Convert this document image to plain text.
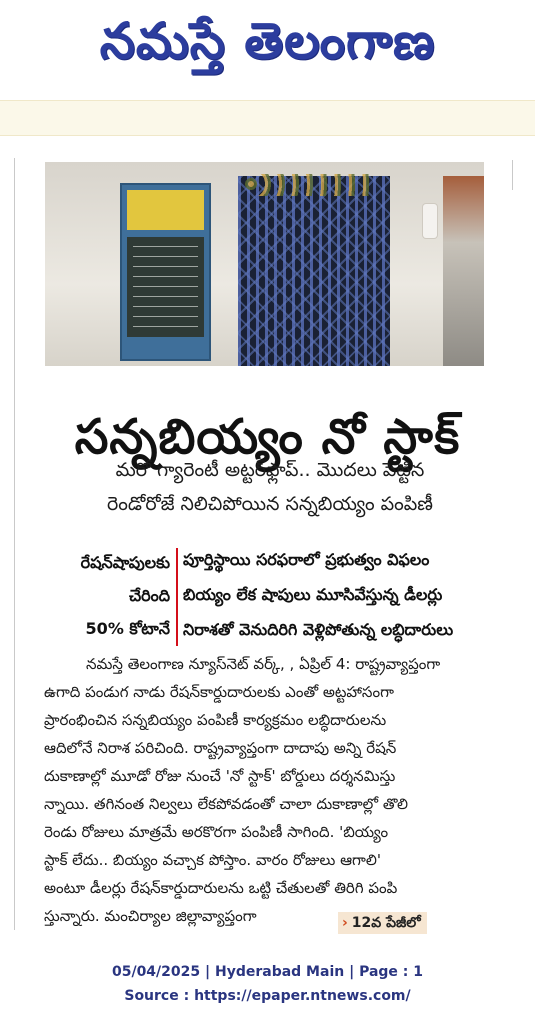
నమస్తే తెలంగాణ
సన్నబియ్యం నో స్టాక్
మరో గ్యారెంటీ అట్టర్‌ఫ్లాప్.. మొదలు పెట్టిన
రెండోరోజే నిలిచిపోయిన సన్నబియ్యం పంపిణీ
రేషన్‌షాపులకు
చేరింది
50% కోటానే
పూర్తిస్థాయి సరఫరాలో ప్రభుత్వం విఫలం
బియ్యం లేక షాపులు మూసివేస్తున్న డీలర్లు
నిరాశతో వెనుదిరిగి వెళ్లిపోతున్న లబ్ధిదారులు

నమస్తే తెలంగాణ న్యూస్‌నెట్ వర్క్, , ఏప్రిల్ 4: రాష్ట్రవ్యాప్తంగా

ఉగాది పండుగ నాడు రేషన్‌కార్డుదారులకు ఎంతో అట్టహాసంగా

ప్రారంభించిన సన్నబియ్యం పంపిణీ కార్యక్రమం లబ్ధిదారులను

ఆదిలోనే నిరాశ పరిచింది. రాష్ట్రవ్యాప్తంగా దాదాపు అన్ని రేషన్

దుకాణాల్లో మూడో రోజు నుంచే 'నో స్టాక్' బోర్డులు దర్శనమిస్తు

న్నాయి. తగినంత నిల్వలు లేకపోవడంతో చాలా దుకాణాల్లో తొలి

రెండు రోజులు మాత్రమే అరకొరగా పంపిణీ సాగింది. 'బియ్యం

స్టాక్ లేదు.. బియ్యం వచ్చాక పోస్తాం. వారం రోజులు ఆగాలి'

అంటూ డీలర్లు రేషన్‌కార్డుదారులను ఒట్టి చేతులతో తిరిగి పంపి

స్తున్నారు. మంచిర్యాల జిల్లావ్యాప్తంగా	› 12వ పేజీలో
05/04/2025 | Hyderabad Main | Page : 1
Source : https://epaper.ntnews.com/
